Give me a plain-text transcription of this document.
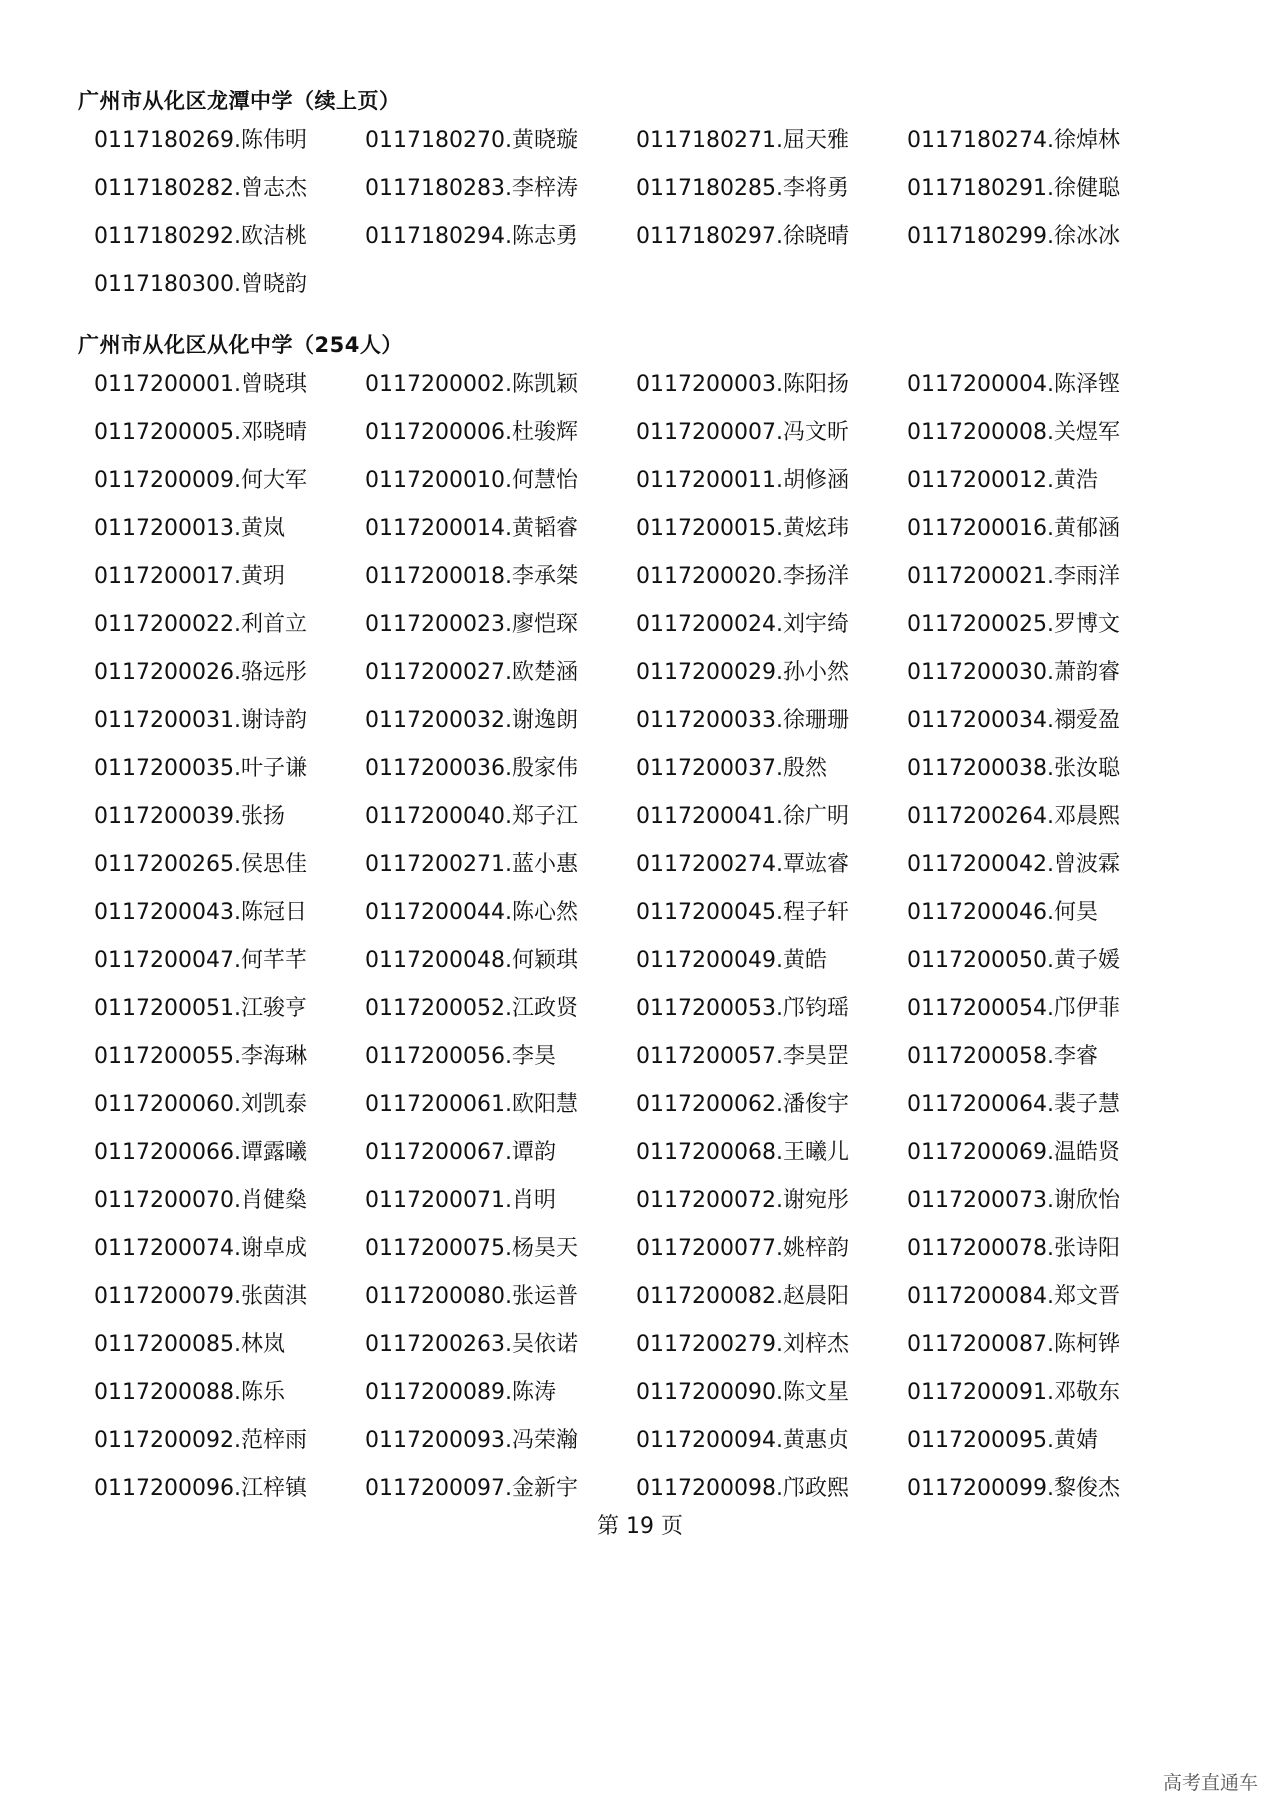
广州市从化区龙潭中学（续上页）
0117180269.陈伟明	0117180270.黄晓璇	0117180271.屈天雅	0117180274.徐焯林
0117180282.曾志杰	0117180283.李梓涛	0117180285.李将勇	0117180291.徐健聪
0117180292.欧洁桃	0117180294.陈志勇	0117180297.徐晓晴	0117180299.徐冰冰
0117180300.曾晓韵
广州市从化区从化中学（254人）
0117200001.曾晓琪	0117200002.陈凯颖	0117200003.陈阳扬	0117200004.陈泽铿
0117200005.邓晓晴	0117200006.杜骏辉	0117200007.冯文昕	0117200008.关煜军
0117200009.何大军	0117200010.何慧怡	0117200011.胡修涵	0117200012.黄浩
0117200013.黄岚	0117200014.黄韬睿	0117200015.黄炫玮	0117200016.黄郁涵
0117200017.黄玥	0117200018.李承桀	0117200020.李扬洋	0117200021.李雨洋
0117200022.利首立	0117200023.廖恺琛	0117200024.刘宇绮	0117200025.罗博文
0117200026.骆远彤	0117200027.欧楚涵	0117200029.孙小然	0117200030.萧韵睿
0117200031.谢诗韵	0117200032.谢逸朗	0117200033.徐珊珊	0117200034.禤爱盈
0117200035.叶子谦	0117200036.殷家伟	0117200037.殷然	0117200038.张汝聪
0117200039.张扬	0117200040.郑子江	0117200041.徐广明	0117200264.邓晨熙
0117200265.侯思佳	0117200271.蓝小惠	0117200274.覃竑睿	0117200042.曾波霖
0117200043.陈冠日	0117200044.陈心然	0117200045.程子轩	0117200046.何昊
0117200047.何芊芊	0117200048.何颖琪	0117200049.黄皓	0117200050.黄子媛
0117200051.江骏亨	0117200052.江政贤	0117200053.邝钧瑶	0117200054.邝伊菲
0117200055.李海琳	0117200056.李昊	0117200057.李昊罡	0117200058.李睿
0117200060.刘凯泰	0117200061.欧阳慧	0117200062.潘俊宇	0117200064.裴子慧
0117200066.谭露曦	0117200067.谭韵	0117200068.王曦儿	0117200069.温皓贤
0117200070.肖健燊	0117200071.肖明	0117200072.谢宛彤	0117200073.谢欣怡
0117200074.谢卓成	0117200075.杨昊天	0117200077.姚梓韵	0117200078.张诗阳
0117200079.张茵淇	0117200080.张运普	0117200082.赵晨阳	0117200084.郑文晋
0117200085.林岚	0117200263.吴依诺	0117200279.刘梓杰	0117200087.陈柯铧
0117200088.陈乐	0117200089.陈涛	0117200090.陈文星	0117200091.邓敬东
0117200092.范梓雨	0117200093.冯荣瀚	0117200094.黄惠贞	0117200095.黄婧
0117200096.江梓镇	0117200097.金新宇	0117200098.邝政熙	0117200099.黎俊杰
第 19 页
高考直通车
